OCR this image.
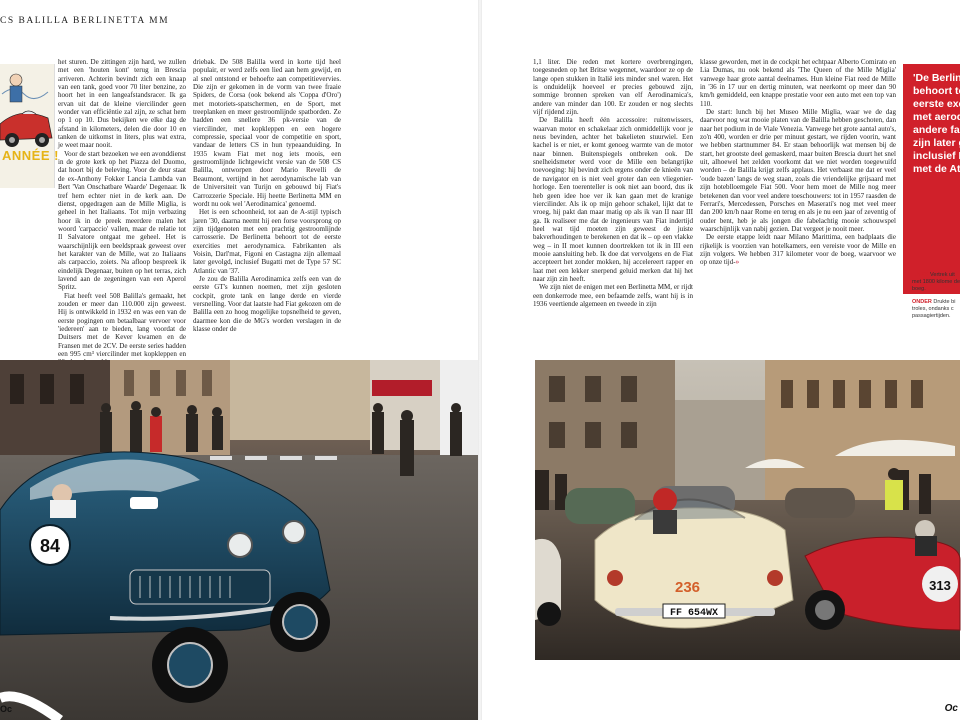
CS BALILLA BERLINETTA MM
ANNÉE !

het sturen. De zittingen zijn hard, we zullen met een 'houten kont' terug in Brescia arriveren. Achterin bevindt zich een knaap van een tank, goed voor 70 liter benzine, zo hoort het in een langeafstandsracer. Ik ga ervan uit dat de kleine viercilinder geen wonder van efficiëntie zal zijn, ze schat hem op 1 op 10. Dus bekijken we elke dag de afstand in kilometers, delen die door 10 en tanken de uitkomst in liters, plus wat extra, je weet maar nooit.

Voor de start bezoeken we een avonddienst in de grote kerk op het Piazza del Duomo, dat hoort bij de beleving. Voor de deur staat de ex-Anthony Fokker Lancia Lambda van Bert 'Van Onschatbare Waarde' Degenaar. Ik tref hem echter niet in de kerk aan. De dienst, opgedragen aan de Mille Miglia, is geheel in het Italiaans. Tot mijn verbazing hoor ik in de preek meerdere malen het woord 'carpaccio' vallen, maar de relatie tot Il Salvatore ontgaat me geheel. Het is waarschijnlijk een beeldspraak geweest over het karakter van de Mille, wat zo Italiaans als carpaccio, zoiets. Na afloop bespreek ik eindelijk Degenaar, buiten op het terras, zich lavend aan de zegeningen van een Aperol Spritz.

Fiat heeft veel 508 Balilla's gemaakt, het zouden er meer dan 110.000 zijn geweest. Hij is ontwikkeld in 1932 en was een van de eerste pogingen om betaalbaar vervoer voor 'iedereen' aan te bieden, lang voordat de Duitsers met de Kever kwamen en de Fransen met de 2CV. De eerste series hadden een 995 cm³ viercilinder met kopkleppen en

driebak. De 508 Balilla werd in korte tijd heel populair, er werd zelfs een lied aan hem gewijd, en al snel ontstond er behoefte aan competitievervies. Die zijn er gekomen in de vorm van twee fraaie Spiders, de Corsa (ook bekend als 'Coppa d'Oro') met motoriets-spatschermen, en de Sport, met treeplanken en meer gestroomlijnde spatborden. Ze hadden een snellere 36 pk-versie van de viercilinder, met kopkleppen en een hogere compressie, speciaal voor de competitie en sport, vandaar de letters CS in hun typeaanduiding. In 1935 kwam Fiat met nog iets moois, een gestroomlijnde lichtgewicht versie van de 508 CS Balilla, ontworpen door Mario Revelli de Beaumont, vertijnd in het aerodynamische lab van de Universiteit van Turijn en gebouwd bij Fiat's Carrozzerie Speciale. Hij heette Berlinetta MM en wordt nu ook wel 'Aerodinamica' genoemd.

Het is een schoonheid, tot aan de A-stijl typisch jaren '30, daarna neemt hij een forse voorsprong op zijn tijdgenoten met een prachtig gestroomlijnde carrosserie. De Berlinetta behoort tot de eerste exercities met aerodynamica. Fabrikanten als Voisin, Darl'mat, Figoni en Castagna zijn allemaal later gevolgd, inclusief Bugatti met de Type 57 SC Atlantic van '37.

Je zou de Balilla Aerodinamica zelfs een van de eerste GT's kunnen noemen, met zijn gesloten cockpit, grote tank en lange derde en vierde versnelling. Voor dat laatste had Fiat gekozen om de Balilla een zo hoog mogelijke topsnelheid te geven, daarmee kon die de MG's worden verslagen in de klasse onder de

84
Oc

1,1 liter. Die reden met kortere overbrengingen, toegesneden op het Britse wegennet, waardoor ze op de lange open stukken in Italië iets minder snel waren. Het is onduidelijk hoeveel er precies gebouwd zijn, sommige bronnen spreken van elf Aerodinamica's, andere van minder dan 100. Er zouden er nog slechts vijf rijdend zijn.

De Balilla heeft één accessoire: ruitenwissers, waarvan motor en schakelaar zich onmiddellijk voor je neus bevinden, achter het bakelieten stuurwiel. Een kachel is er niet, er komt genoeg warmte van de motor naar binnen. Buitenspiegels ontbreken ook. De snelheidsmeter werd voor de Mille een belangrijke toevoeging: hij bevindt zich ergens onder de knieën van de navigator en is niet veel groter dan een vliegenier-horloge. Een toerenteller is ook niet aan boord, dus ik heb geen idee hoe ver ik kan gaan met de kranige viercilinder. Als ik op mijn gehoor schakel, lijkt dat te vroeg, hij pakt dan maar matig op als ik van II naar III ga. Ik realiseer me dat de ingenieurs van Fiat indertijd heel wat tijd moeten zijn geweest de juiste bakverhoudingen te berekenen en dat ik – op een vlakke weg – in II moet kunnen doortrekken tot ik in III een mooie aansluiting heb. Ik doe dat vervolgens en de Fiat accepteert het zonder mokken, hij accelereert rapper en laat met een lekker snerpend geluid merken dat hij het naar zijn zin heeft.

We zijn niet de enigen met een Berlinetta MM, er rijdt een donkerrode mee, een befaamde zelfs, want hij is in 1936 veertiende algemeen en tweede in zijn

klasse geworden, met in de cockpit het echtpaar Alberto Comirato en Lia Dumas, nu ook bekend als 'The Queen of the Mille Miglia' vanwege haar grote aantal deelnames. Hun kleine Fiat reed de Mille in '36 in 17 uur en dertig minuten, wat neerkomt op meer dan 90 km/h gemiddeld, een knappe prestatie voor een auto met een top van 110.

De start: lunch bij het Museo Mille Miglia, waar we de dag daarvoor nog wat mooie platen van de Balilla hebben geschoten, dan naar het podium in de Viale Venezia. Vanwege het grote aantal auto's, zo'n 400, worden er drie per minuut gestart, we rijden voorin, want we hebben startnummer 84. Er staan behoorlijk wat mensen bij de start, het grootste deel gemaskerd, maar buiten Brescia duurt het snel uit, alhoewel het zelden voorkomt dat we niet worden toegewuifd worden – de Balilla krijgt zelfs applaus. Het verbaast me dat er veel 'oude bazen' langs de weg staan, zoals die vriendelijke grijsaard met zijn hoteblloemgele Fiat 500. Voor hem moet de Mille nog meer betekenen dan voor veel andere toeschouwers: tot in 1957 raasden de Ferrari's, Mercedessen, Porsches en Maserati's nog met veel meer dan 200 km/h naar Rome en terug en als je nu een jaar of zeventig of ouder bent, heb je als jongen die fabelachtig mooie schouwspel waarschijnlijk van nabij gezien. Dat vergeet je nooit meer.

De eerste etappe leidt naar Milano Marittima, een badplaats die rijkelijk is voorzien van hotelkamers, een vereiste voor de Mille en zijn volgers. We hebben 317 kilometer voor de boeg, waarvoor we op onze tijd-»

'De Berline
behoort tot
eerste exer
met aerody
andere fabr
zijn later g
inclusief Bu
met de Atla
LINKS Vertrek uit met 1800 kilome de boeg.
ONDER Drukte bi troles, ondanks c passagiertijden.
236
FF 654WX
313
Oc
